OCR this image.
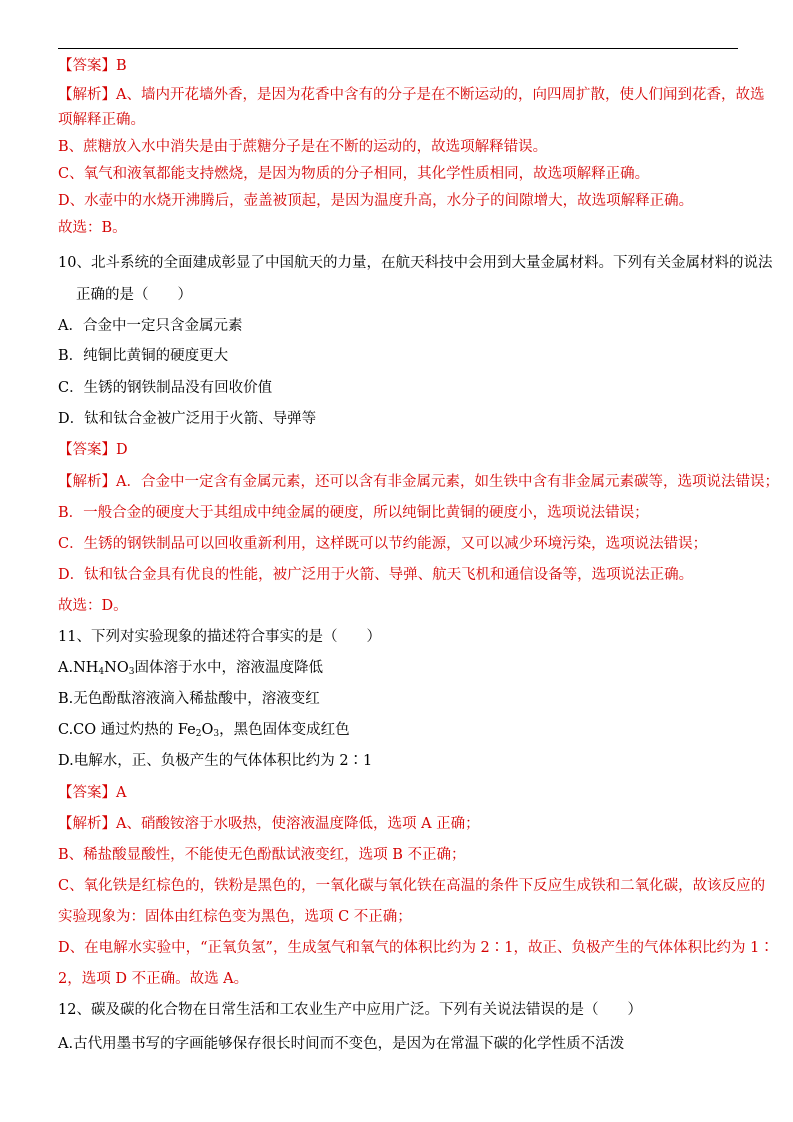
【答案】B
【解析】A、墙内开花墙外香，是因为花香中含有的分子是在不断运动的，向四周扩散，使人们闻到花香，故选
项解释正确。
B、蔗糖放入水中消失是由于蔗糖分子是在不断的运动的，故选项解释错误。
C、氧气和液氧都能支持燃烧，是因为物质的分子相同，其化学性质相同，故选项解释正确。
D、水壶中的水烧开沸腾后，壶盖被顶起，是因为温度升高，水分子的间隙增大，故选项解释正确。
故选：B。
10、北斗系统的全面建成彰显了中国航天的力量，在航天科技中会用到大量金属材料。下列有关金属材料的说法
正确的是（　　）
A．合金中一定只含金属元素
B．纯铜比黄铜的硬度更大
C．生锈的钢铁制品没有回收价值
D．钛和钛合金被广泛用于火箭、导弹等
【答案】D
【解析】A．合金中一定含有金属元素，还可以含有非金属元素，如生铁中含有非金属元素碳等，选项说法错误；
B．一般合金的硬度大于其组成中纯金属的硬度，所以纯铜比黄铜的硬度小，选项说法错误；
C．生锈的钢铁制品可以回收重新利用，这样既可以节约能源，又可以减少环境污染，选项说法错误；
D．钛和钛合金具有优良的性能，被广泛用于火箭、导弹、航天飞机和通信设备等，选项说法正确。
故选：D。
11、下列对实验现象的描述符合事实的是（　　）
$A.NH_4NO_3$固体溶于水中，溶液温度降低
B.无色酚酞溶液滴入稀盐酸中，溶液变红
C.CO 通过灼热的 $Fe_2O_3$，黑色固体变成红色
D.电解水，正、负极产生的气体体积比约为 2∶1
【答案】A
【解析】A、硝酸铵溶于水吸热，使溶液温度降低，选项 A 正确；
B、稀盐酸显酸性，不能使无色酚酞试液变红，选项 B 不正确；
C、氧化铁是红棕色的，铁粉是黑色的，一氧化碳与氧化铁在高温的条件下反应生成铁和二氧化碳，故该反应的
实验现象为：固体由红棕色变为黑色，选项 C 不正确；
D、在电解水实验中，“正氧负氢”，生成氢气和氧气的体积比约为 2∶1，故正、负极产生的气体体积比约为 1∶
2，选项 D 不正确。故选 A。
12、碳及碳的化合物在日常生活和工农业生产中应用广泛。下列有关说法错误的是（　　）
A.古代用墨书写的字画能够保存很长时间而不变色，是因为在常温下碳的化学性质不活泼
